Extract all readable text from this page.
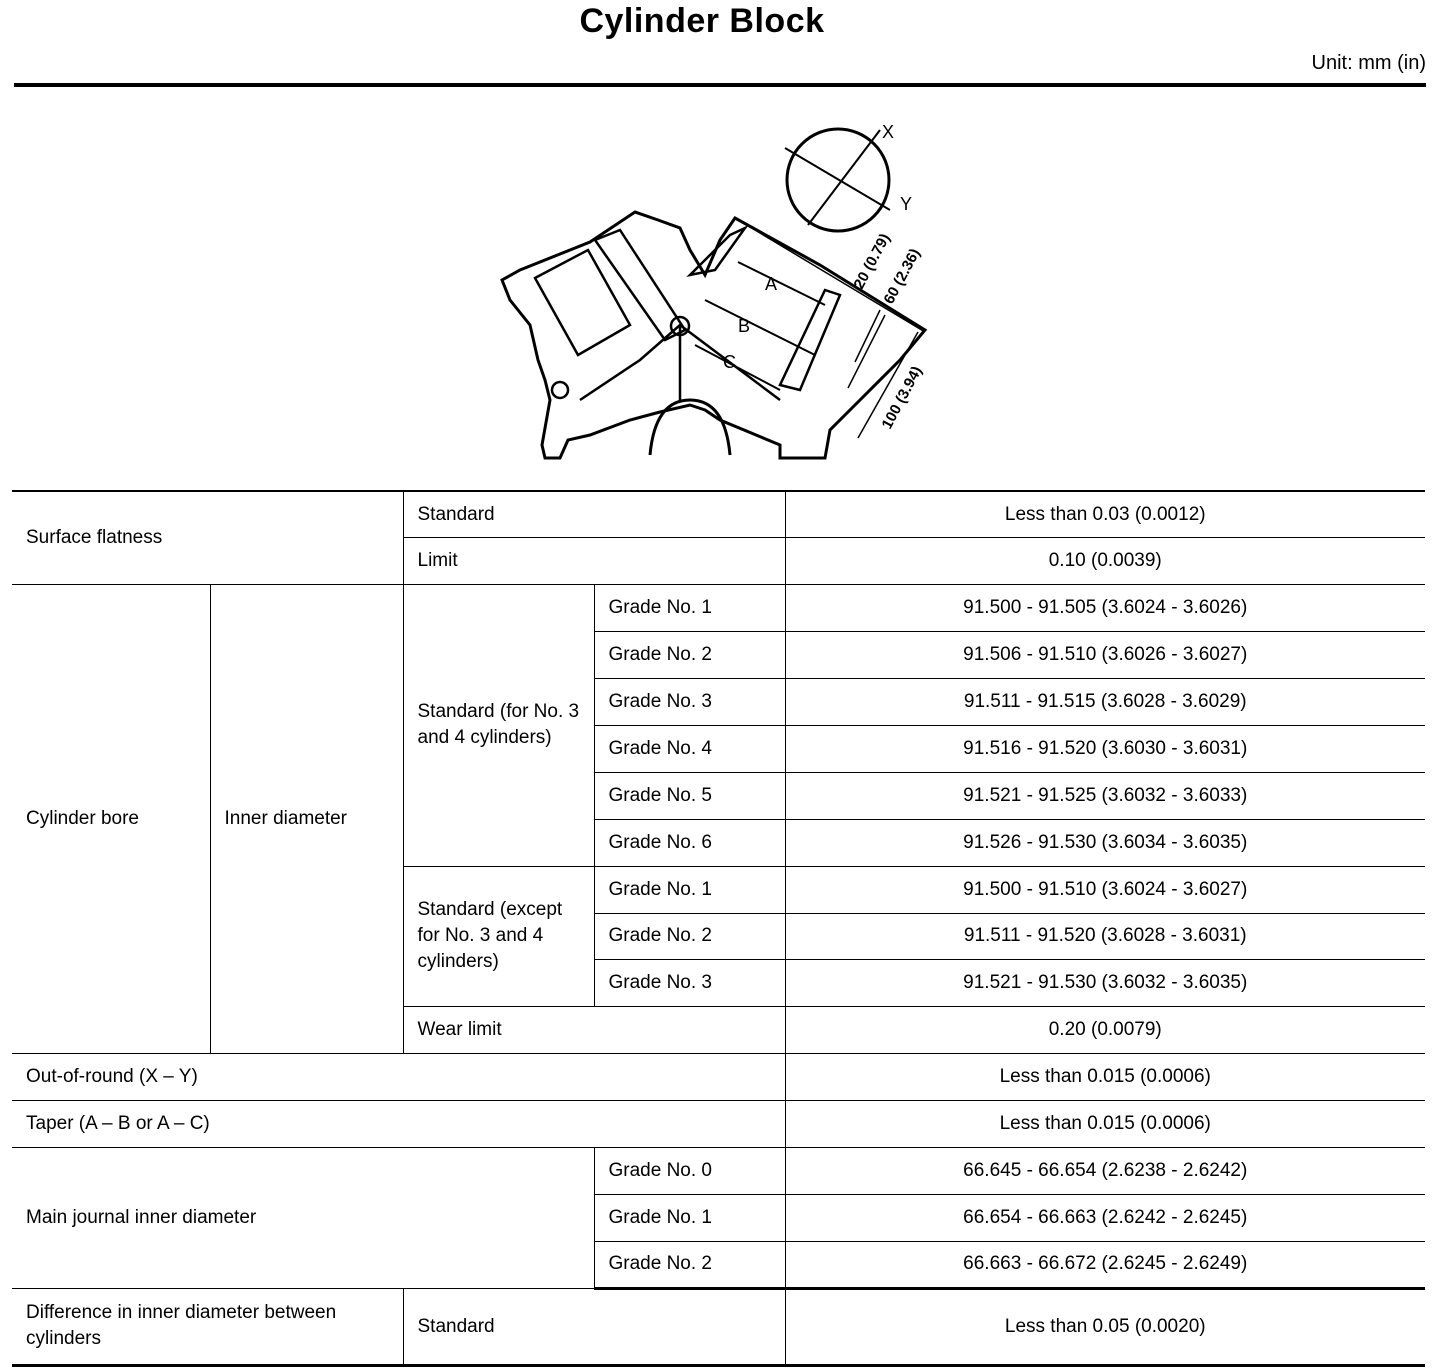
Cylinder Block
Unit: mm (in)
X
Y
A
B
C
20 (0.79)
60 (2.36)
100 (3.94)
Surface flatness		Standard		Less than 0.03 (0.0012)
		Limit		0.10 (0.0039)
Cylinder bore	Inner diameter	Standard (for No. 3 and 4 cylinders)	Grade No. 1	91.500 - 91.505 (3.6024 - 3.6026)
			Grade No. 2	91.506 - 91.510 (3.6026 - 3.6027)
			Grade No. 3	91.511 - 91.515 (3.6028 - 3.6029)
			Grade No. 4	91.516 - 91.520 (3.6030 - 3.6031)
			Grade No. 5	91.521 - 91.525 (3.6032 - 3.6033)
			Grade No. 6	91.526 - 91.530 (3.6034 - 3.6035)
		Standard (except for No. 3 and 4 cylinders)	Grade No. 1	91.500 - 91.510 (3.6024 - 3.6027)
			Grade No. 2	91.511 - 91.520 (3.6028 - 3.6031)
			Grade No. 3	91.521 - 91.530 (3.6032 - 3.6035)
		Wear limit		0.20 (0.0079)
Out-of-round (X – Y)				Less than 0.015 (0.0006)
Taper (A – B or A – C)				Less than 0.015 (0.0006)
Main journal inner diameter			Grade No. 0	66.645 - 66.654 (2.6238 - 2.6242)
			Grade No. 1	66.654 - 66.663 (2.6242 - 2.6245)
			Grade No. 2	66.663 - 66.672 (2.6245 - 2.6249)
Difference in inner diameter between cylinders		Standard		Less than 0.05 (0.0020)
